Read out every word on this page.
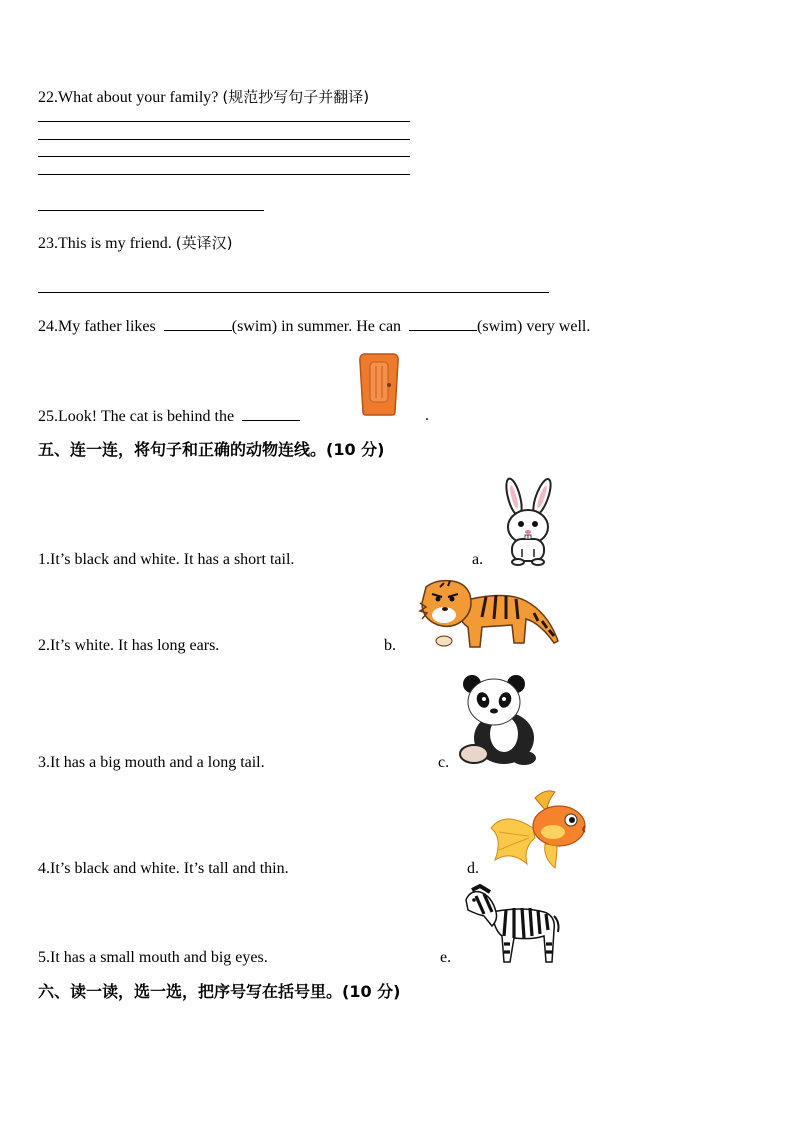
22.What about your family? (规范抄写句子并翻译)
23.This is my friend. (英译汉)
24.My father likes	(swim) in summer. He can	(swim) very well.
25.Look! The cat is behind the	.
五、连一连，将句子和正确的动物连线。(10 分)
1.It’s black and white. It has a short tail.	a.
2.It’s white. It has long ears.	b.
3.It has a big mouth and a long tail.	c.
4.It’s black and white. It’s tall and thin.	d.
5.It has a small mouth and big eyes.	e.
六、读一读，选一选，把序号写在括号里。(10 分)
